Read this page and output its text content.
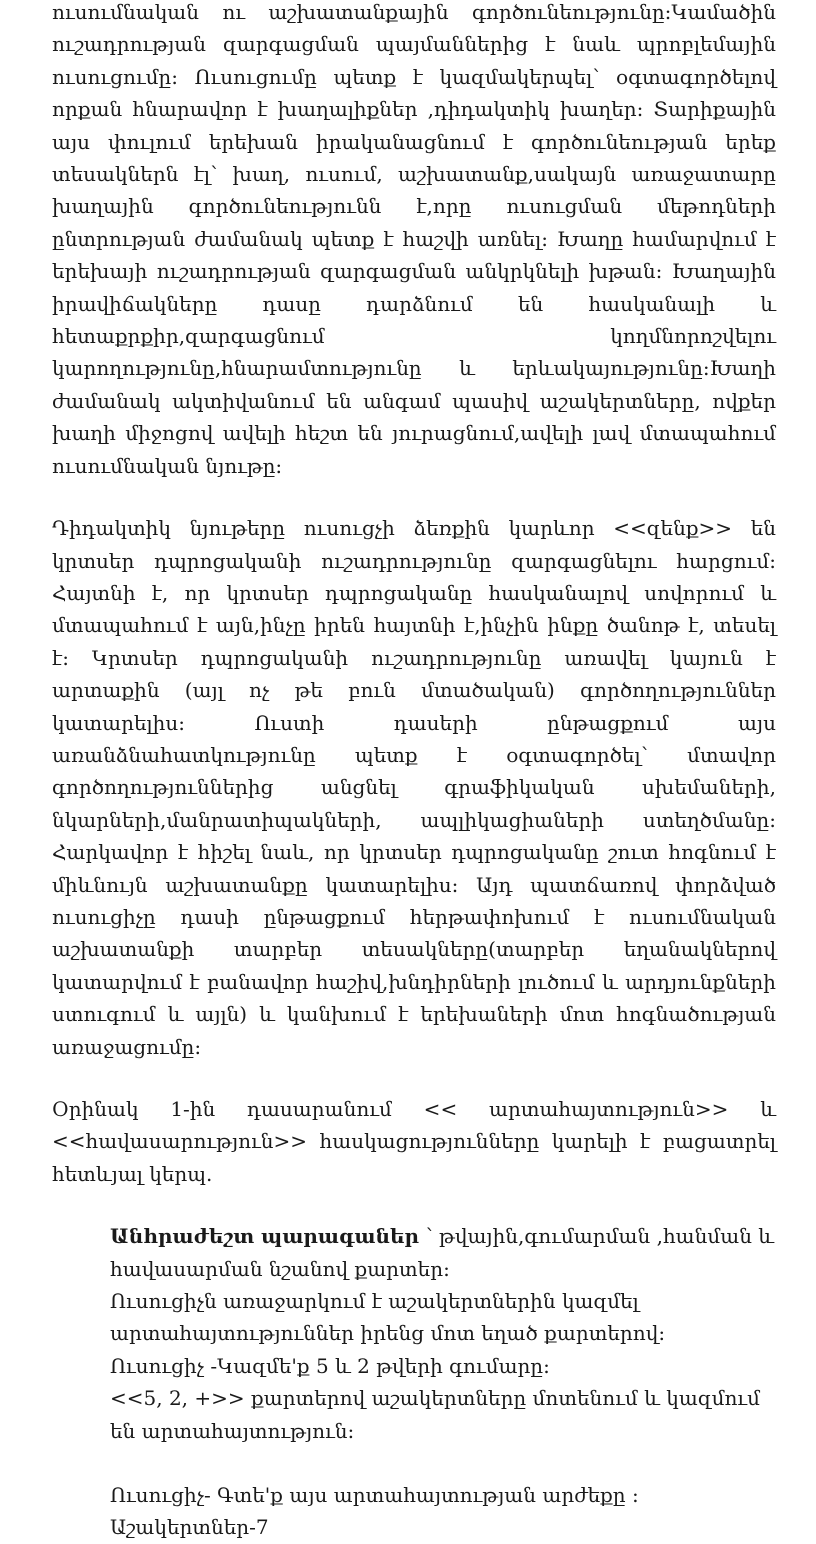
ուսումնական ու աշխատանքային գործունեությունը:Կամածին ուշադրության զարգացման պայմաններից է նաև պրոբլեմային ուսուցումը: Ուսուցումը պետք է կազմակերպել՝ օգտագործելով որքան հնարավոր է խաղալիքներ ,դիդակտիկ խաղեր: Տարիքային այս փուլում երեխան իրականացնում է գործունեության երեք տեսակներն էլ՝ խաղ, ուսում, աշխատանք,սակայն առաջատարը խաղային գործունեությունն է,որը ուսուցման մեթոդների ընտրության ժամանակ պետք է հաշվի առնել: Խաղը համարվում է երեխայի ուշադրության զարգացման անկրկնելի խթան: Խաղային իրավիճակները դասը դարձնում են հասկանալի և հետաքրքիր,զարգացնում կողմնորոշվելու կարողությունը,հնարամտությունը և երևակայությունը:Խաղի ժամանակ ակտիվանում են անգամ պասիվ աշակերտները, ովքեր խաղի միջոցով ավելի հեշտ են յուրացնում,ավելի լավ մտապահում ուսումնական նյութը:

Դիդակտիկ նյութերը ուսուցչի ձեռքին կարևոր <<զենք>> են կրտսեր դպրոցականի ուշադրությունը զարգացնելու հարցում: Հայտնի է, որ կրտսեր դպրոցականը հասկանալով սովորում և մտապահում է այն,ինչը իրեն հայտնի է,ինչին ինքը ծանոթ է, տեսել է: Կրտսեր դպրոցականի ուշադրությունը առավել կայուն է արտաքին (այլ ոչ թե բուն մտածական) գործողություններ կատարելիս: Ուստի դասերի ընթացքում այս առանձնահատկությունը պետք է օգտագործել՝ մտավոր գործողություններից անցնել գրաֆիկական սխեմաների, նկարների,մանրատիպակների, ապլիկացիաների ստեղծմանը: Հարկավոր է հիշել նաև, որ կրտսեր դպրոցականը շուտ հոգնում է միևնույն աշխատանքը կատարելիս: Այդ պատճառով փորձված ուսուցիչը դասի ընթացքում հերթափոխում է ուսումնական աշխատանքի տարբեր տեսակները(տարբեր եղանակներով կատարվում է բանավոր հաշիվ,խնդիրների լուծում և արդյունքների ստուգում և այլն) և կանխում է երեխաների մոտ հոգնածության առաջացումը:

Օրինակ 1-ին դասարանում << արտահայտություն>> և <<հավասարություն>> հասկացությունները կարելի է բացատրել հետևյալ կերպ.

Անհրաժեշտ պարագաներ ՝ թվային,գումարման ,հանման և հավասարման նշանով քարտեր:
Ուսուցիչն առաջարկում է աշակերտներին կազմել արտահայտություններ իրենց մոտ եղած քարտերով:
Ուսուցիչ -Կազմե'ք 5 և 2 թվերի գումարը:
<<5, 2, +>> քարտերով աշակերտները մոտենում և կազմում են արտահայտություն:
Ուսուցիչ- Գտե'ք այս արտահայտության արժեքը :
Աշակերտներ-7
